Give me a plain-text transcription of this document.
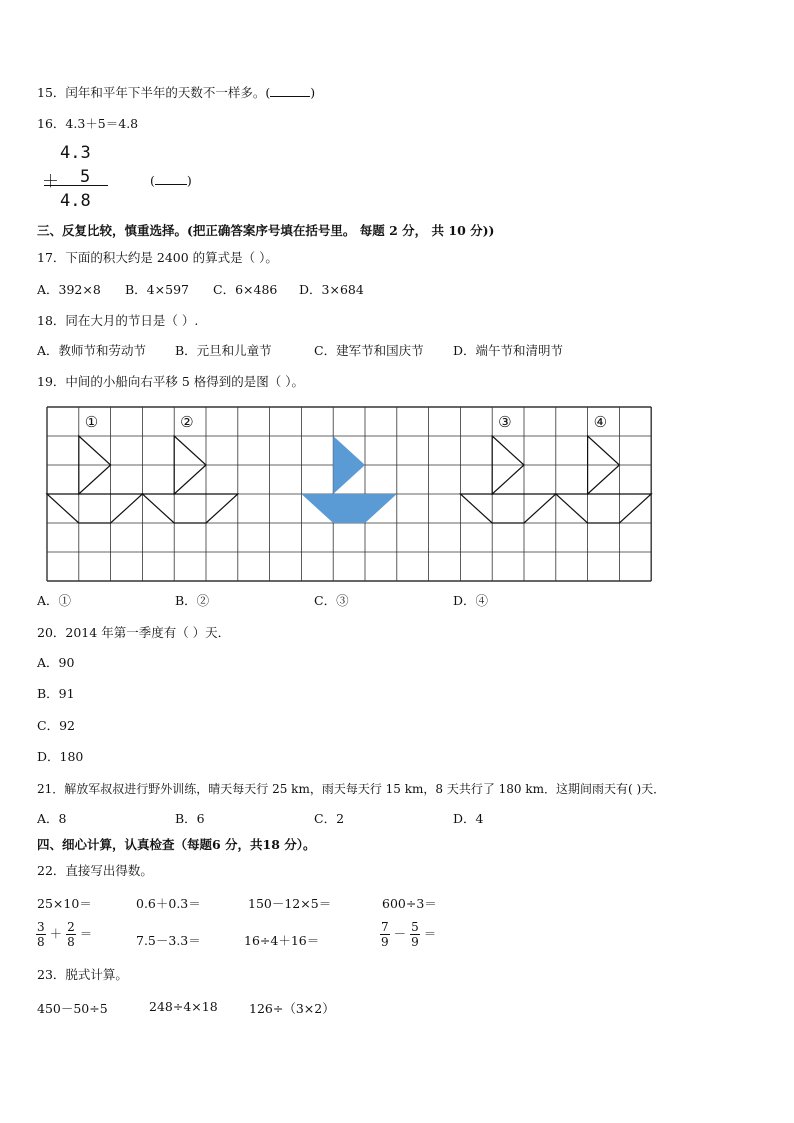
15．闰年和平年下半年的天数不一样多。(	)
16．4.3＋5＝4.8
4.3
＋ 5
4.8
(	)
三、反复比较，慎重选择。(把正确答案序号填在括号里。 每题 2 分， 共 10 分))
17．下面的积大约是 2400 的算式是（ ）。
A．392×8 B．4×597 C．6×486 D．3×684
18．同在大月的节日是（ ）.
A．教师节和劳动节 B．元旦和儿童节	C．建军节和国庆节 D．端午节和清明节
19．中间的小船向右平移 5 格得到的是图（ ）。
①	②	③	④
A．①	B．②	C．③	D．④
20．2014 年第一季度有（ ）天．
A．90
B．91
C．92
D．180
21．解放军叔叔进行野外训练，晴天每天行 25 km，雨天每天行 15 km，8 天共行了 180 km．这期间雨天有( )天．
A．8	B．6	C．2	D．4
四、细心计算，认真检查（每题6 分，共18 分）。
22．直接写出得数。
25×10＝	0.6＋0.3＝	150－12×5＝	600÷3＝
$\frac{3}{8} + \frac{2}{8}$ ＝	7.5－3.3＝	16÷4＋16＝	$\frac{7}{9} - \frac{5}{9}$ ＝
23．脱式计算。
450－50÷5	248÷4×18	126÷（3×2）
